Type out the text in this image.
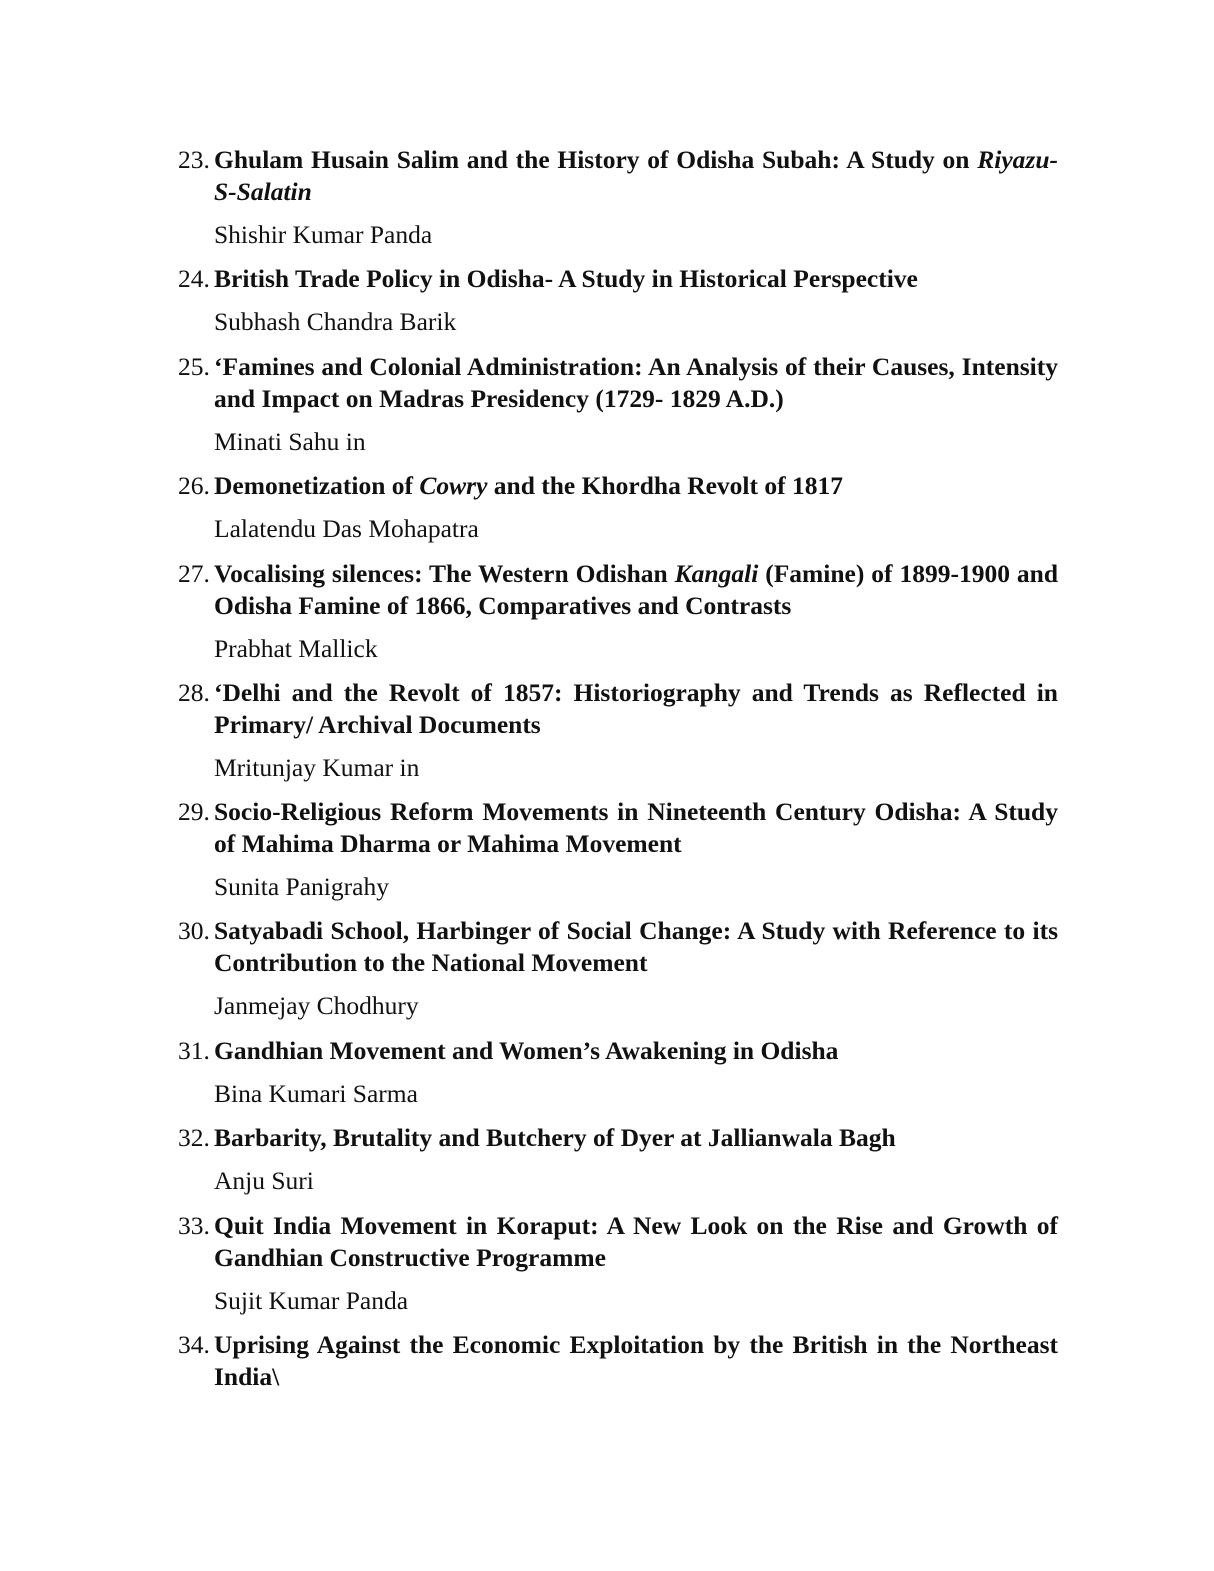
23. Ghulam Husain Salim and the History of Odisha Subah: A Study on Riyazu-S-Salatin
Shishir Kumar Panda
24. British Trade Policy in Odisha- A Study in Historical Perspective
Subhash Chandra Barik
25. ‘Famines and Colonial Administration: An Analysis of their Causes, Intensity and Impact on Madras Presidency (1729- 1829 A.D.)
Minati Sahu in
26. Demonetization of Cowry and the Khordha Revolt of 1817
Lalatendu Das Mohapatra
27. Vocalising silences: The Western Odishan Kangali (Famine) of 1899-1900 and Odisha Famine of 1866, Comparatives and Contrasts
Prabhat Mallick
28. ‘Delhi and the Revolt of 1857: Historiography and Trends as Reflected in Primary/ Archival Documents
Mritunjay Kumar in
29. Socio-Religious Reform Movements in Nineteenth Century Odisha: A Study of Mahima Dharma or Mahima Movement
Sunita Panigrahy
30. Satyabadi School, Harbinger of Social Change: A Study with Reference to its Contribution to the National Movement
Janmejay Chodhury
31. Gandhian Movement and Women’s Awakening in Odisha
Bina Kumari Sarma
32. Barbarity, Brutality and Butchery of Dyer at Jallianwala Bagh
Anju Suri
33. Quit India Movement in Koraput: A New Look on the Rise and Growth of Gandhian Constructive Programme
Sujit Kumar Panda
34. Uprising Against the Economic Exploitation by the British in the Northeast India\
